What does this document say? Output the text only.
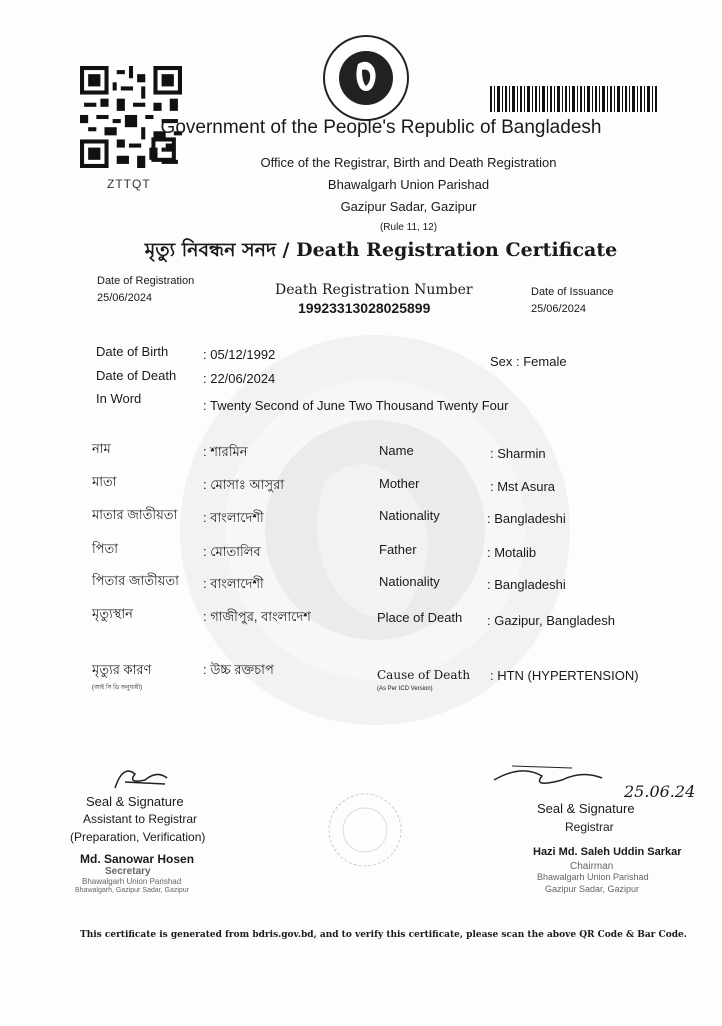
ZTTQT
Government of the People's Republic of Bangladesh
Office of the Registrar, Birth and Death Registration
Bhawalgarh Union Parishad
Gazipur Sadar, Gazipur
(Rule 11, 12)
মৃত্যু নিবন্ধন সনদ / Death Registration Certificate
Date of Registration
25/06/2024	Death Registration Number
19923313028025899
Date of Issuance
25/06/2024
Date of Birth	: 05/12/1992
Date of Death : 22/06/2024
In Word	: Twenty Second of June Two Thousand Twenty Four
Sex : Female
নাম	: শারমিন
মাতা	: মোসাঃ আসুরা
মাতার জাতীয়তা : বাংলাদেশী
পিতা	: মোতালিব
পিতার জাতীয়তা : বাংলাদেশী
মৃত্যুস্থান	: গাজীপুর, বাংলাদেশ
মৃত্যুর কারণ
(আই সি ডি অনুযায়ী)
: উচ্চ রক্তচাপ
Name	: Sharmin
Mother	: Mst Asura
Nationality	: Bangladeshi
Father	: Motalib
Nationality	: Bangladeshi
Place of Death : Gazipur, Bangladesh
Cause of Death
(As Per ICD Version)
: HTN (HYPERTENSION)
Seal & Signature
Assistant to Registrar
(Preparation, Verification)
Md. Sanowar Hosen
Secretary
Bhawalgarh Union Parishad
Bhawalgarh, Gazipur Sadar, Gazipur
25.06.24
Seal & Signature
Registrar
Hazi Md. Saleh Uddin Sarkar
Chairman
Bhawalgarh Union Parishad
Gazipur Sadar, Gazipur
This certificate is generated from bdris.gov.bd, and to verify this certificate, please scan the above QR Code & Bar Code.
